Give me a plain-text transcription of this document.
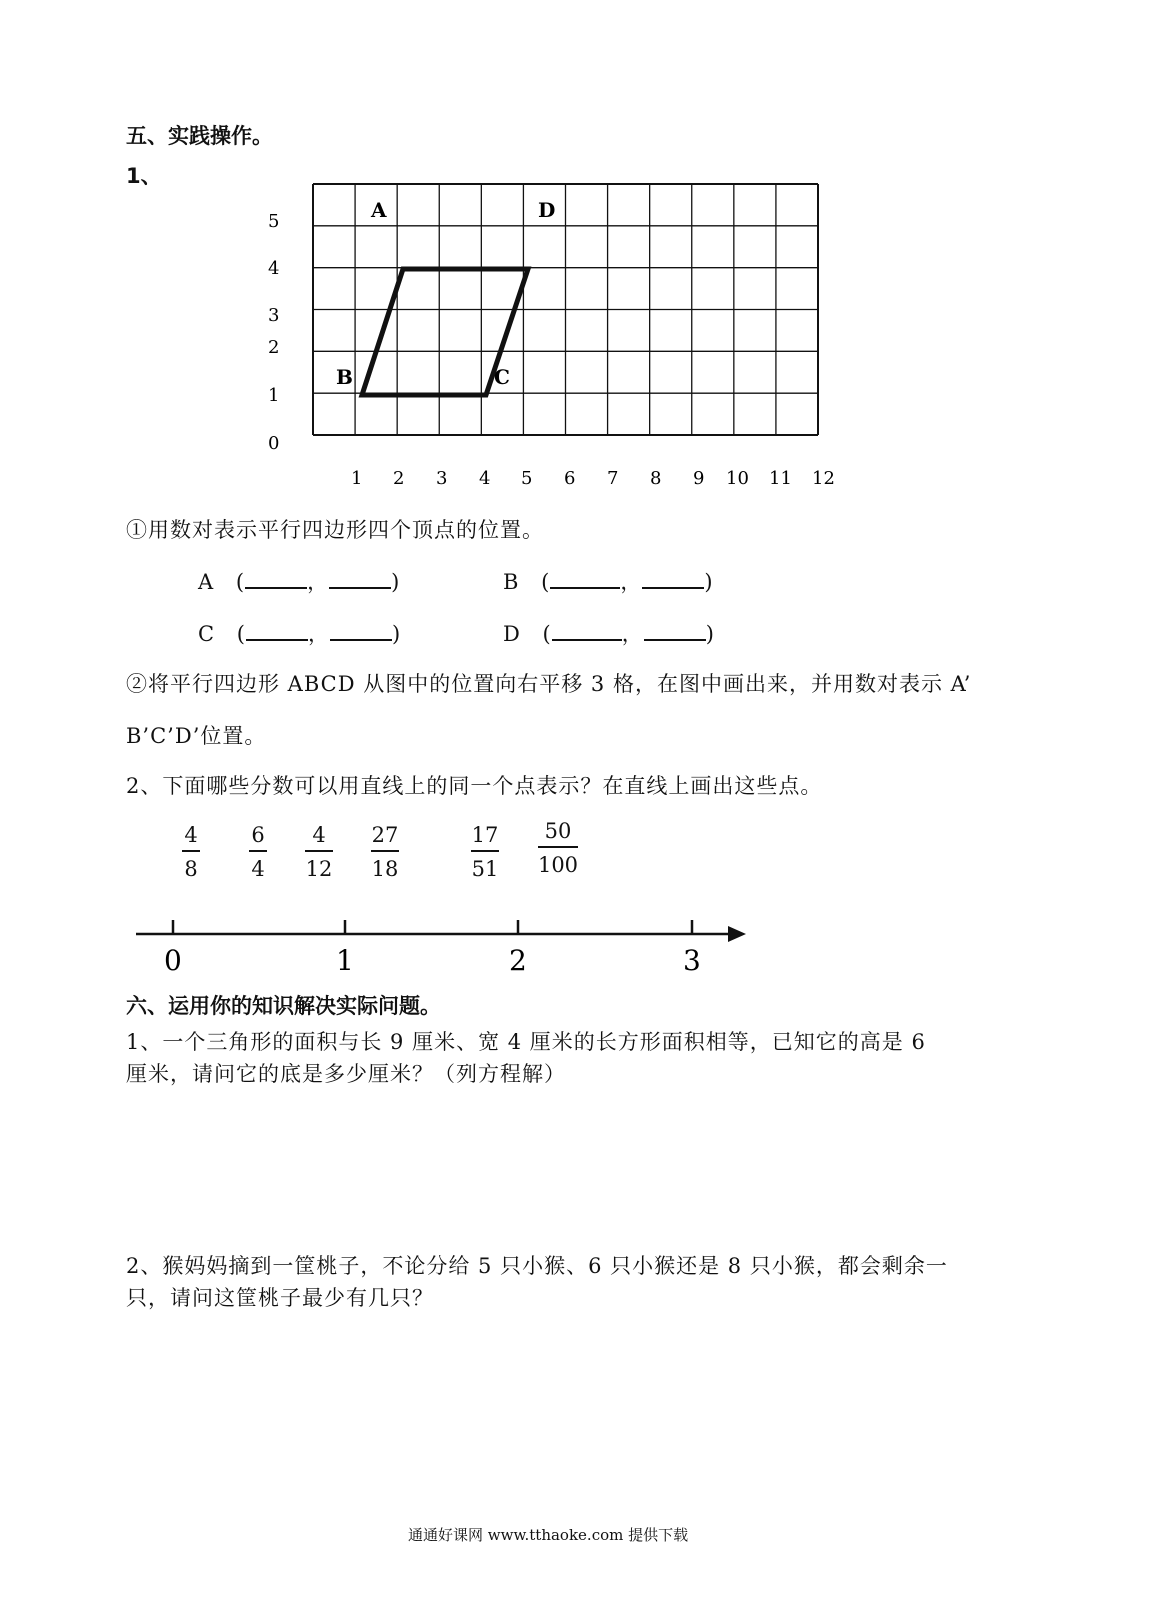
五、实践操作。
1、
5
4
3
2
1
0
1 2 3 4 5 6 7 8 9 10 11 12
A	D
B	C
①用数对表示平行四边形四个顶点的位置。
A (	，	)	B (	，	)
C (	，	)	D (	，	)
②将平行四边形 ABCD 从图中的位置向右平移 3 格，在图中画出来，并用数对表示 A’
B’C’D’位置。
2、下面哪些分数可以用直线上的同一个点表示？在直线上画出这些点。
4
8
6
4
4
12
27
18
17
51
50
100
0	1	2	3
六、运用你的知识解决实际问题。
1、一个三角形的面积与长 9 厘米、宽 4 厘米的长方形面积相等，已知它的高是 6
厘米，请问它的底是多少厘米？（列方程解）
2、猴妈妈摘到一筐桃子，不论分给 5 只小猴、6 只小猴还是 8 只小猴，都会剩余一
只，请问这筐桃子最少有几只？
通通好课网 www.tthaoke.com 提供下载
